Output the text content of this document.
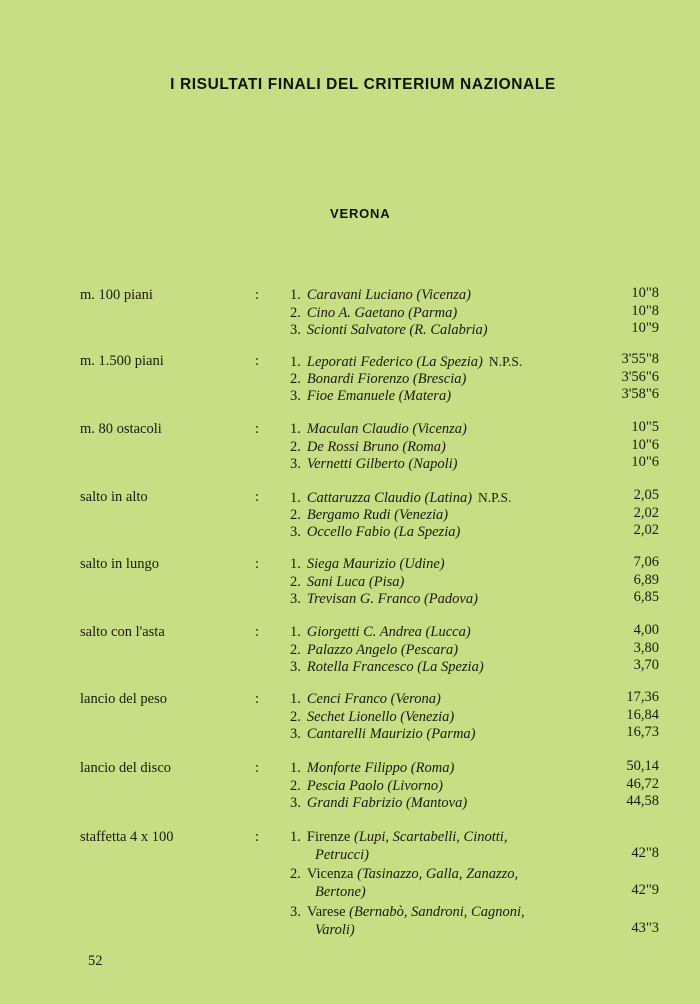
I RISULTATI FINALI DEL CRITERIUM NAZIONALE
VERONA
m. 100 piani	: 1. Caravani Luciano (Vicenza)	10"8
2. Cino A. Gaetano (Parma)	10"8
3. Scionti Salvatore (R. Calabria)	10"9
m. 1.500 piani	: 1. Leporati Federico (La Spezia) N.P.S.	3'55"8
2. Bonardi Fiorenzo (Brescia)	3'56"6
3. Fioe Emanuele (Matera)	3'58"6
m. 80 ostacoli	: 1. Maculan Claudio (Vicenza)	10"5
2. De Rossi Bruno (Roma)	10"6
3. Vernetti Gilberto (Napoli)	10"6
salto in alto	: 1. Cattaruzza Claudio (Latina) N.P.S.	2,05
2. Bergamo Rudi (Venezia)	2,02
3. Occello Fabio (La Spezia)	2,02
salto in lungo	: 1. Siega Maurizio (Udine)	7,06
2. Sani Luca (Pisa)	6,89
3. Trevisan G. Franco (Padova)	6,85
salto con l'asta	: 1. Giorgetti C. Andrea (Lucca)	4,00
2. Palazzo Angelo (Pescara)	3,80
3. Rotella Francesco (La Spezia)	3,70
lancio del peso	: 1. Cenci Franco (Verona)	17,36
2. Sechet Lionello (Venezia)	16,84
3. Cantarelli Maurizio (Parma)	16,73
lancio del disco	: 1. Monforte Filippo (Roma)	50,14
2. Pescia Paolo (Livorno)	46,72
3. Grandi Fabrizio (Mantova)	44,58
staffetta 4 x 100	: 1. Firenze (Lupi, Scartabelli, Cinotti,
Petrucci)	42"8
2. Vicenza (Tasinazzo, Galla, Zanazzo,
Bertone)	42"9
3. Varese (Bernabò, Sandroni, Cagnoni,
Varoli)	43"3
52
